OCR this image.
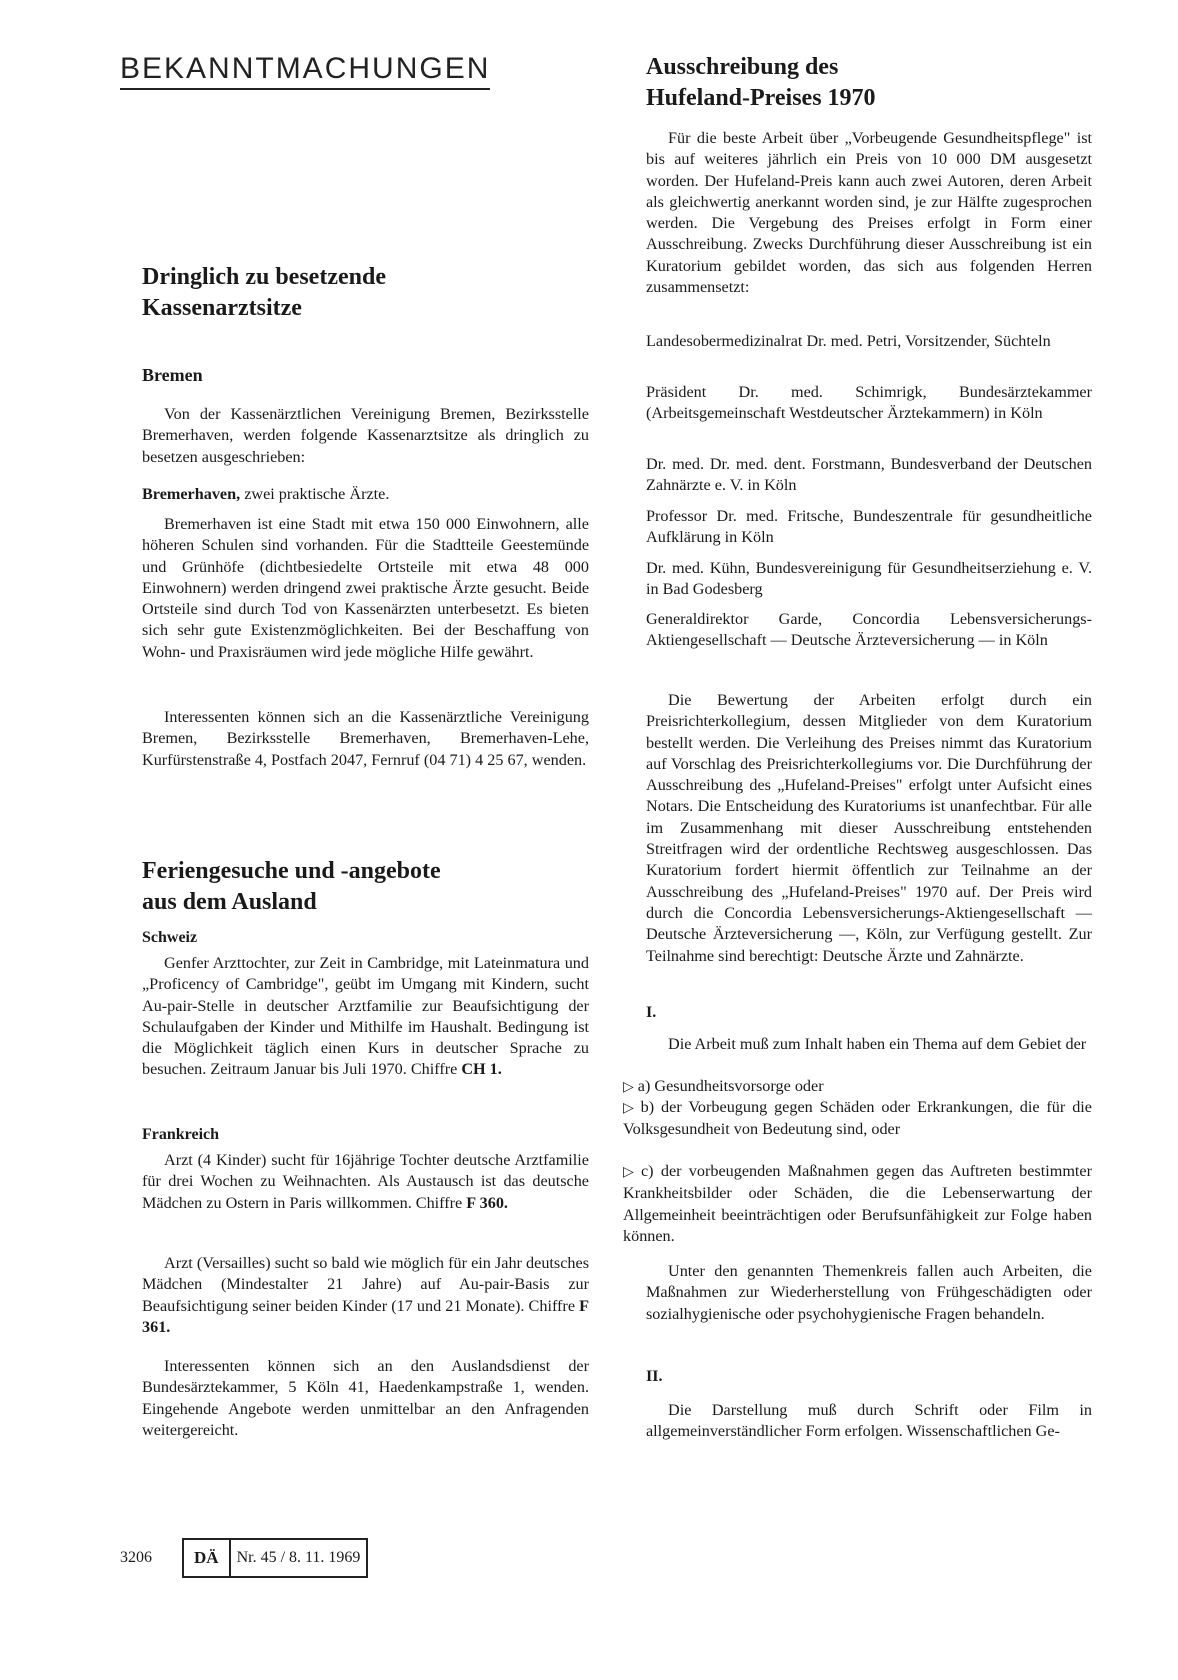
BEKANNTMACHUNGEN
Dringlich zu besetzende
Kassenarztsitze
Bremen

Von der Kassenärztlichen Vereinigung Bremen, Bezirksstelle Bremerhaven, werden folgende Kassenarztsitze als dringlich zu besetzen ausgeschrieben:

Bremerhaven, zwei praktische Ärzte.

Bremerhaven ist eine Stadt mit etwa 150 000 Einwohnern, alle höheren Schulen sind vorhanden. Für die Stadtteile Geestemünde und Grünhöfe (dichtbesiedelte Ortsteile mit etwa 48 000 Einwohnern) werden dringend zwei praktische Ärzte gesucht. Beide Ortsteile sind durch Tod von Kassenärzten unterbesetzt. Es bieten sich sehr gute Existenzmöglichkeiten. Bei der Beschaffung von Wohn- und Praxisräumen wird jede mögliche Hilfe gewährt.

Interessenten können sich an die Kassenärztliche Vereinigung Bremen, Bezirksstelle Bremerhaven, Bremerhaven-Lehe, Kurfürstenstraße 4, Postfach 2047, Fernruf (04 71) 4 25 67, wenden.

Feriengesuche und -angebote
aus dem Ausland
Schweiz

Genfer Arzttochter, zur Zeit in Cambridge, mit Lateinmatura und „Proficency of Cambridge", geübt im Umgang mit Kindern, sucht Au-pair-Stelle in deutscher Arztfamilie zur Beaufsichtigung der Schulaufgaben der Kinder und Mithilfe im Haushalt. Bedingung ist die Möglichkeit täglich einen Kurs in deutscher Sprache zu besuchen. Zeitraum Januar bis Juli 1970. Chiffre CH 1.

Frankreich

Arzt (4 Kinder) sucht für 16jährige Tochter deutsche Arztfamilie für drei Wochen zu Weihnachten. Als Austausch ist das deutsche Mädchen zu Ostern in Paris willkommen. Chiffre F 360.

Arzt (Versailles) sucht so bald wie möglich für ein Jahr deutsches Mädchen (Mindestalter 21 Jahre) auf Au-pair-Basis zur Beaufsichtigung seiner beiden Kinder (17 und 21 Monate). Chiffre F 361.

Interessenten können sich an den Auslandsdienst der Bundesärztekammer, 5 Köln 41, Haedenkampstraße 1, wenden. Eingehende Angebote werden unmittelbar an den Anfragenden weitergereicht.

Ausschreibung des
Hufeland-Preises 1970

Für die beste Arbeit über „Vorbeugende Gesundheitspflege" ist bis auf weiteres jährlich ein Preis von 10 000 DM ausgesetzt worden. Der Hufeland-Preis kann auch zwei Autoren, deren Arbeit als gleichwertig anerkannt worden sind, je zur Hälfte zugesprochen werden. Die Vergebung des Preises erfolgt in Form einer Ausschreibung. Zwecks Durchführung dieser Ausschreibung ist ein Kuratorium gebildet worden, das sich aus folgenden Herren zusammensetzt:

Landesobermedizinalrat Dr. med. Petri, Vorsitzender, Süchteln

Präsident Dr. med. Schimrigk, Bundesärztekammer (Arbeitsgemeinschaft Westdeutscher Ärztekammern) in Köln

Dr. med. Dr. med. dent. Forstmann, Bundesverband der Deutschen Zahnärzte e. V. in Köln

Professor Dr. med. Fritsche, Bundeszentrale für gesundheitliche Aufklärung in Köln

Dr. med. Kühn, Bundesvereinigung für Gesundheitserziehung e. V. in Bad Godesberg

Generaldirektor Garde, Concordia Lebensversicherungs-Aktiengesellschaft — Deutsche Ärzteversicherung — in Köln

Die Bewertung der Arbeiten erfolgt durch ein Preisrichterkollegium, dessen Mitglieder von dem Kuratorium bestellt werden. Die Verleihung des Preises nimmt das Kuratorium auf Vorschlag des Preisrichterkollegiums vor. Die Durchführung der Ausschreibung des „Hufeland-Preises" erfolgt unter Aufsicht eines Notars. Die Entscheidung des Kuratoriums ist unanfechtbar. Für alle im Zusammenhang mit dieser Ausschreibung entstehenden Streitfragen wird der ordentliche Rechtsweg ausgeschlossen. Das Kuratorium fordert hiermit öffentlich zur Teilnahme an der Ausschreibung des „Hufeland-Preises" 1970 auf. Der Preis wird durch die Concordia Lebensversicherungs-Aktiengesellschaft — Deutsche Ärzteversicherung —, Köln, zur Verfügung gestellt. Zur Teilnahme sind berechtigt: Deutsche Ärzte und Zahnärzte.

I.

Die Arbeit muß zum Inhalt haben ein Thema auf dem Gebiet der

▷ a) Gesundheitsvorsorge oder

▷ b) der Vorbeugung gegen Schäden oder Erkrankungen, die für die Volksgesundheit von Bedeutung sind, oder

▷ c) der vorbeugenden Maßnahmen gegen das Auftreten bestimmter Krankheitsbilder oder Schäden, die die Lebenserwartung der Allgemeinheit beeinträchtigen oder Berufsunfähigkeit zur Folge haben können.

Unter den genannten Themenkreis fallen auch Arbeiten, die Maßnahmen zur Wiederherstellung von Frühgeschädigten oder sozialhygienische oder psychohygienische Fragen behandeln.

II.

Die Darstellung muß durch Schrift oder Film in allgemeinverständlicher Form erfolgen. Wissenschaftlichen Ge-

3206	DÄ	Nr. 45 / 8. 11. 1969
